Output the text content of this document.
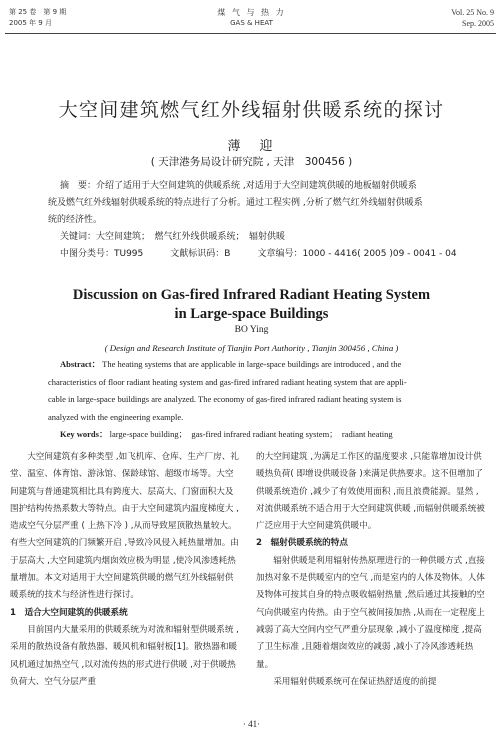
第 25 卷　第 9 期
2005 年 9 月
煤 气 与 热 力
GAS & HEAT
Vol. 25 No. 9
Sep. 2005
大空间建筑燃气红外线辐射供暖系统的探讨
薄　迎
( 天津港务局设计研究院 , 天津　300456 )
摘　要：介绍了适用于大空间建筑的供暖系统 ,对适用于大空间建筑供暖的地板辐射供暖系
统及燃气红外线辐射供暖系统的特点进行了分析。通过工程实例 ,分析了燃气红外线辐射供暖系
统的经济性。
关键词：大空间建筑；　燃气红外线供暖系统；　辐射供暖
中图分类号：TU995　　　文献标识码：B　　　文章编号：1000 - 4416( 2005 )09 - 0041 - 04
Discussion on Gas-fired Infrared Radiant Heating System
in Large-space Buildings
BO Ying
( Design and Research Institute of Tianjin Port Authority , Tianjin 300456 , China )
Abstract： The heating systems that are applicable in large-space buildings are introduced , and the
characteristics of floor radiant heating system and gas-fired infrared radiant heating system that are appli-
cable in large-space buildings are analyzed. The economy of gas-fired infrared radiant heating system is
analyzed with the engineering example.
Key words： large-space building；　gas-fired infrared radiant heating system；　radiant heating

大空间建筑有多种类型 ,如飞机库、仓库、生产厂房、礼堂、温室、体育馆、游泳馆、保龄球馆、超级市场等。大空间建筑与普通建筑相比具有跨度大、层高大、门窗面积大及围护结构传热系数大等特点。由于大空间建筑内温度梯度大 ,造成空气分层严重 ( 上热下冷 ) ,从而导致屋顶散热量较大。有些大空间建筑的门频繁开启 ,导致冷风侵入耗热量增加。由于层高大 ,大空间建筑内烟囱效应极为明显 ,使冷风渗透耗热量增加。本文对适用于大空间建筑供暖的燃气红外线辐射供暖系统的技术与经济性进行探讨。

1　适合大空间建筑的供暖系统

目前国内大量采用的供暖系统为对流和辐射型供暖系统 ,采用的散热设备有散热器、暖风机和辐射板[1]。散热器和暖风机通过加热空气 ,以对流传热的形式进行供暖 ,对于供暖热负荷大、空气分层严重

的大空间建筑 ,为满足工作区的温度要求 ,只能靠增加设计供暖热负荷( 即增设供暖设备 )来满足供热要求。这不但增加了供暖系统造价 ,减少了有效使用面积 ,而且浪费能源。显然 ,对流供暖系统不适合用于大空间建筑供暖 ,而辐射供暖系统被广泛应用于大空间建筑供暖中。

2　辐射供暖系统的特点

辐射供暖是利用辐射传热原理进行的一种供暖方式 ,直接加热对象不是供暖室内的空气 ,而是室内的人体及物体。人体及物体可按其自身的特点吸收辐射热量 ,然后通过其接触的空气向供暖室内传热。由于空气被间接加热 ,从而在一定程度上减弱了高大空间内空气严重分层现象 ,减小了温度梯度 ,提高了卫生标准 ,且随着烟囱效应的减弱 ,减小了冷风渗透耗热量。

采用辐射供暖系统可在保证热舒适度的前提

· 41·
